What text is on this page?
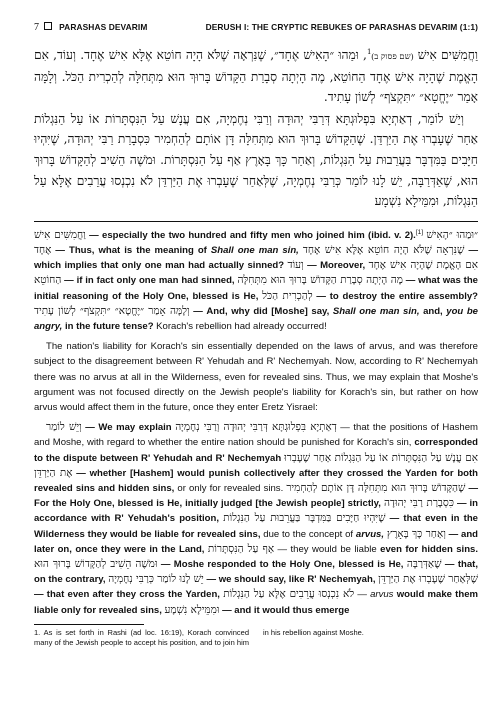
7 PARASHAS DEVARIM	DERUSH I: THE CRYPTIC REBUKES OF PARASHAS DEVARIM (1:1)

וַחֲמִשִּׁים אִישׁ (שם פסוק ב)$^1$, וּמַהוּ ״הָאִישׁ אֶחָד״, שֶׁנִּרְאָה שֶׁלֹּא הָיָה חוֹטֵא אֶלָּא אִישׁ אֶחָד. וְעוֹד, אִם הָאֱמֶת שֶׁהָיָה אִישׁ אֶחָד הַחוֹטֵא, מֶה הָיְתָה סְבָרַת הַקָּדוֹשׁ בָּרוּךְ הוּא מִתְּחִלָּה לְהַכְרִית הַכֹּל. וְלָמָּה אָמַר ״יֶחֱטָא״ ״תִּקְצֹף״ לְשׁוֹן עָתִיד.

וְיֵשׁ לוֹמַר, דְאַתְיָא בִּפְלוּגְתָּא דְּרַבִּי יְהוּדָה וְרַבִּי נְחֶמְיָה, אִם עֲנָשׁ עַל הַנִּסְתָּרוֹת אוֹ עַל הַנִּגְלוֹת אַחַר שֶׁעָבְרוּ אֶת הַיַּרְדֵּן. שֶׁהַקָּדוֹשׁ בָּרוּךְ הוּא מִתְּחִלָּה דָּן אוֹתָם לְהַחְמִיר כִּסְבָרַת רַבִּי יְהוּדָה, שֶׁיִּהְיוּ חַיָּבִים בַּמִּדְבָּר בַּעֲרֵבוּת עַל הַנִּגְלוֹת, וְאַחַר כָּךְ בָּאָרֶץ אַף עַל הַנִּסְתָּרוֹת. וּמֹשֶׁה הֵשִׁיב לְהַקָּדוֹשׁ בָּרוּךְ הוּא, שֶׁאַדְּרַבָּה, יֵשׁ לָנוּ לוֹמַר כְּרַבִּי נְחֶמְיָה, שֶׁלְּאַחַר שֶׁעָבְרוּ אֶת הַיַּרְדֵּן לֹא נִכְנְסוּ עֲרֵבִים אֶלָּא עַל הַנִּגְלוֹת, וּמִמֵּילָא נִשְׁמָע

וַחֲמִשִּׁים אִישׁ — especially the two hundred and fifty men who joined him (ibid. v. 2).[1] ״וּמַהוּ ״הָאִישׁ אֶחָד — Thus, what is the meaning of Shall one man sin, שֶׁנִּרְאָה שֶׁלֹּא הָיָה חוֹטֵא אֶלָּא אִישׁ אֶחָד — which implies that only one man had actually sinned? וְעוֹד — Moreover, אִם הָאֱמֶת שֶׁהָיָה אִישׁ אֶחָד הַחוֹטֵא — if in fact only one man had sinned, מֶה הָיְתָה סְבָרַת הַקָּדוֹשׁ בָּרוּךְ הוּא מִתְּחִלָּה — what was the initial reasoning of the Holy One, blessed is He, לְהַכְרִית הַכֹּל — to destroy the entire assembly? וְלָמָּה אָמַר ״יֶחֱטָא״ ״תִּקְצֹף״ לְשׁוֹן עָתִיד — And, why did [Moshe] say, Shall one man sin, and, you be angry, in the future tense? Korach's rebellion had already occurred!

The nation's liability for Korach's sin essentially depended on the laws of arvus, and was therefore subject to the disagreement between R' Yehudah and R' Nechemyah. Now, according to R' Nechemyah there was no arvus at all in the Wilderness, even for revealed sins. Thus, we may explain that Moshe's argument was not focused directly on the Jewish people's liability for Korach's sin, but rather on how arvus would affect them in the future, once they enter Eretz Yisrael:

וְיֵשׁ לוֹמַר — We may explain דְאַתְיָא בִּפְלוּגְתָּא דְּרַבִּי יְהוּדָה וְרַבִּי נְחֶמְיָה — that the positions of Hashem and Moshe, with regard to whether the entire nation should be punished for Korach's sin, corresponded to the dispute between R' Yehudah and R' Nechemyah אִם עֲנָשׁ עַל הַנִּסְתָּרוֹת אוֹ עַל הַנִּגְלוֹת אַחַר שֶׁעָבְרוּ אֶת הַיַּרְדֵּן — whether [Hashem] would punish collectively after they crossed the Yarden for both revealed sins and hidden sins, or only for revealed sins. שֶׁהַקָּדוֹשׁ בָּרוּךְ הוּא מִתְּחִלָּה דָּן אוֹתָם לְהַחְמִיר — For the Holy One, blessed is He, initially judged [the Jewish people] strictly, כִּסְבָרַת רַבִּי יְהוּדָה — in accordance with R' Yehudah's position, שֶׁיִּהְיוּ חַיָּבִים בַּמִּדְבָּר בַּעֲרֵבוּת עַל הַנִּגְלוֹת — that even in the Wilderness they would be liable for revealed sins, due to the concept of arvus, וְאַחַר כָּךְ בָּאָרֶץ — and later on, once they were in the Land, אַף עַל הַנִּסְתָּרוֹת — they would be liable even for hidden sins. וּמֹשֶׁה הֵשִׁיב לְהַקָּדוֹשׁ בָּרוּךְ הוּא — Moshe responded to the Holy One, blessed is He, שֶׁאַדְּרַבָּה — that, on the contrary, יֵשׁ לָנוּ לוֹמַר כְּרַבִּי נְחֶמְיָה — we should say, like R' Nechemyah, שֶׁלְּאַחַר שֶׁעָבְרוּ אֶת הַיַּרְדֵּן — that even after they cross the Yarden, לֹא נִכְנְסוּ עֲרֵבִים אֶלָּא עַל הַנִּגְלוֹת — arvus would make them liable only for revealed sins, וּמִמֵּילָא נִשְׁמָע — and it would thus emerge

1. As is set forth in Rashi (ad loc. 16:19), Korach convinced many of the Jewish people to accept his position, and to join him in his rebellion against Moshe.
